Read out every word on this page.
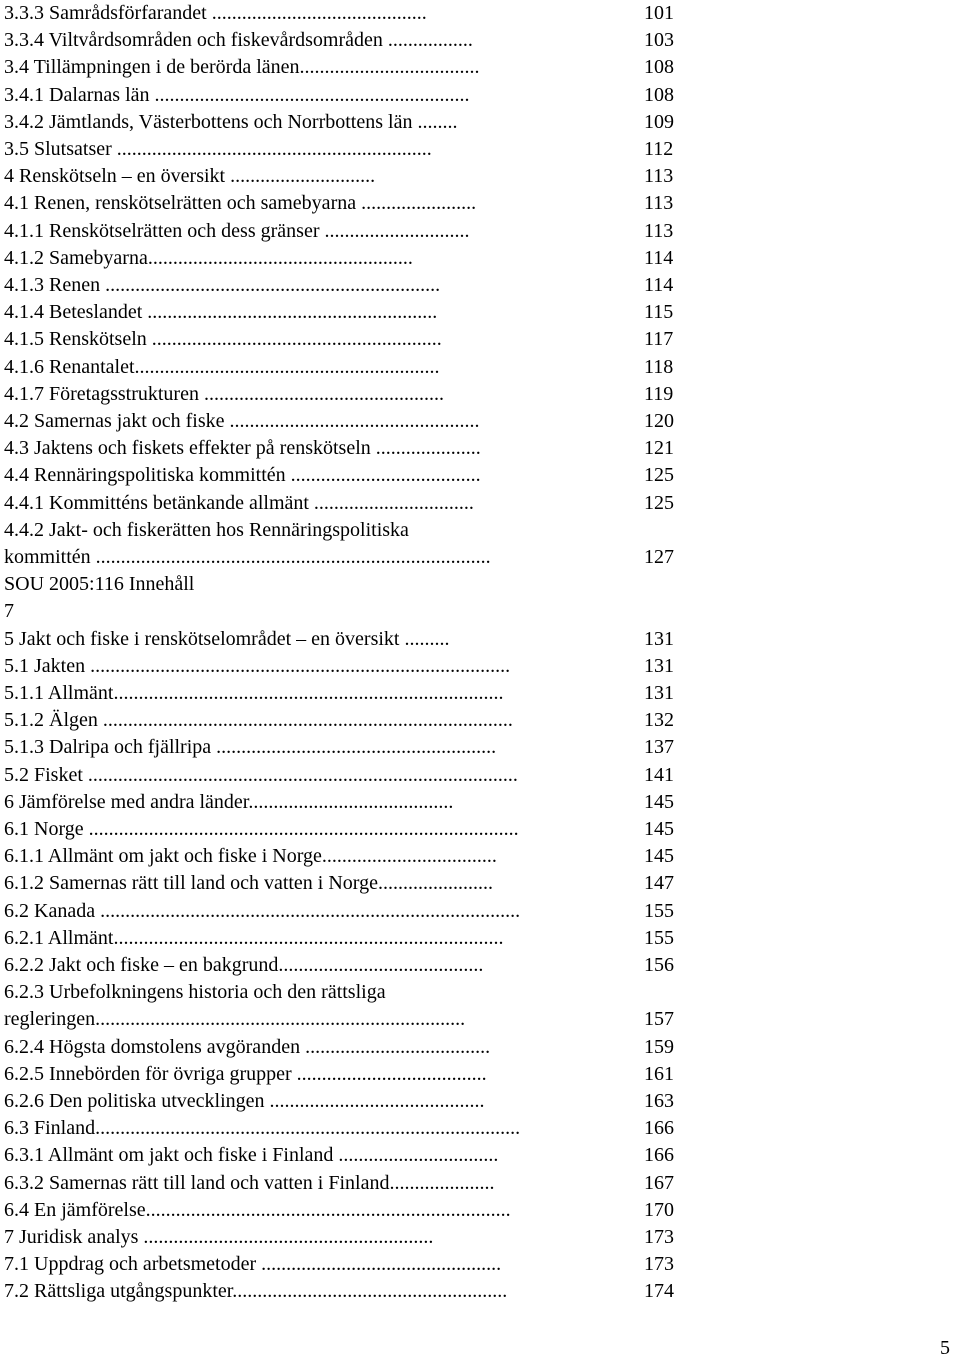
3.3.3 Samrådsförfarandet ...........................................	101
3.3.4 Viltvårdsområden och fiskevårdsområden .................	103
3.4 Tillämpningen i de berörda länen....................................	108
3.4.1 Dalarnas län ...............................................................	108
3.4.2 Jämtlands, Västerbottens och Norrbottens län ........	109
3.5 Slutsatser ...............................................................	112
4 Renskötseln – en översikt .............................	113
4.1 Renen, renskötselrätten och samebyarna .......................	113
4.1.1 Renskötselrätten och dess gränser .............................	113
4.1.2 Samebyarna.....................................................	114
4.1.3 Renen ...................................................................	114
4.1.4 Beteslandet ..........................................................	115
4.1.5 Renskötseln ..........................................................	117
4.1.6 Renantalet.............................................................	118
4.1.7 Företagsstrukturen ................................................	119
4.2 Samernas jakt och fiske ..................................................	120
4.3 Jaktens och fiskets effekter på renskötseln .....................	121
4.4 Rennäringspolitiska kommittén ......................................	125
4.4.1 Kommitténs betänkande allmänt ................................	125
4.4.2 Jakt- och fiskerätten hos Rennäringspolitiska
kommittén ...............................................................................	127
SOU 2005:116 Innehåll
7
5 Jakt och fiske i renskötselområdet – en översikt .........	131
5.1 Jakten ....................................................................................	131
5.1.1 Allmänt..............................................................................	131
5.1.2 Älgen ..................................................................................	132
5.1.3 Dalripa och fjällripa ........................................................	137
5.2 Fisket ......................................................................................	141
6 Jämförelse med andra länder.........................................	145
6.1 Norge ......................................................................................	145
6.1.1 Allmänt om jakt och fiske i Norge...................................	145
6.1.2 Samernas rätt till land och vatten i Norge.......................	147
6.2 Kanada ....................................................................................	155
6.2.1 Allmänt..............................................................................	155
6.2.2 Jakt och fiske – en bakgrund.........................................	156
6.2.3 Urbefolkningens historia och den rättsliga
regleringen..........................................................................	157
6.2.4 Högsta domstolens avgöranden .....................................	159
6.2.5 Innebörden för övriga grupper ......................................	161
6.2.6 Den politiska utvecklingen ...........................................	163
6.3 Finland.....................................................................................	166
6.3.1 Allmänt om jakt och fiske i Finland ................................	166
6.3.2 Samernas rätt till land och vatten i Finland.....................	167
6.4 En jämförelse.........................................................................	170
7 Juridisk analys ..........................................................	173
7.1 Uppdrag och arbetsmetoder ................................................	173
7.2 Rättsliga utgångspunkter.......................................................	174
5
